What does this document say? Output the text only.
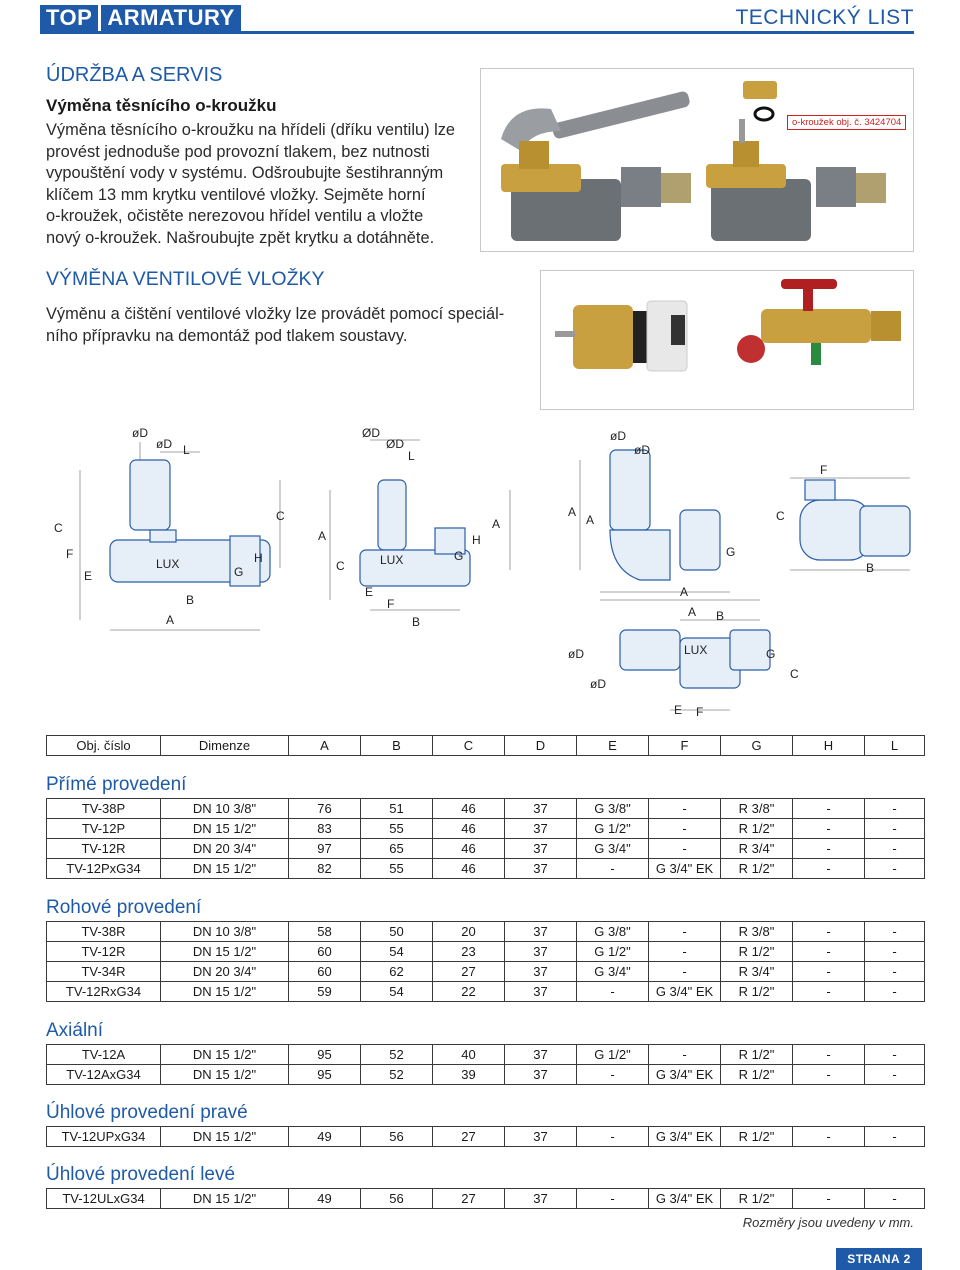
TOP ARMATURY	TECHNICKÝ LIST
ÚDRŽBA A SERVIS
Výměna těsnícího o-kroužku
Výměna těsnícího o-kroužku na hřídeli (dříku ventilu) lze
provést jednoduše pod provozní tlakem, bez nutnosti
vypouštění vody v systému. Odšroubujte šestihranným
klíčem 13 mm krytku ventilové vložky. Sejměte horní
o-kroužek, očistěte nerezovou hřídel ventilu a vložte
nový o-kroužek. Našroubujte zpět krytku a dotáhněte.
o-kroužek obj. č. 3424704
VÝMĚNA VENTILOVÉ VLOŽKY
Výměnu a čištění ventilové vložky lze provádět pomocí speciál-
ního přípravku na demontáž pod tlakem soustavy.
øD
øD L
C
F
E
B
A
G
H
C
LUX
ØD
ØD
L
A
C
E
F
B
G
H
A
LUX
øD
øD
A
A
G
F
C
B
A
A B
øD
øD
G
C
E F
LUX
Obj. číslo	Dimenze	A	B	C	D	E	F	G	H	L
Přímé provedení
TV-38P	DN 10 3/8"	76	51	46	37	G 3/8"	-	R 3/8"	-	-
TV-12P	DN 15 1/2"	83	55	46	37	G 1/2"	-	R 1/2"	-	-
TV-12R	DN 20 3/4"	97	65	46	37	G 3/4"	-	R 3/4"	-	-
TV-12PxG34	DN 15 1/2"	82	55	46	37	-	G 3/4" EK	R 1/2"	-	-
Rohové provedení
TV-38R	DN 10 3/8"	58	50	20	37	G 3/8"	-	R 3/8"	-	-
TV-12R	DN 15 1/2"	60	54	23	37	G 1/2"	-	R 1/2"	-	-
TV-34R	DN 20 3/4"	60	62	27	37	G 3/4"	-	R 3/4"	-	-
TV-12RxG34	DN 15 1/2"	59	54	22	37	-	G 3/4" EK	R 1/2"	-	-
Axiální
TV-12A	DN 15 1/2"	95	52	40	37	G 1/2"	-	R 1/2"	-	-
TV-12AxG34	DN 15 1/2"	95	52	39	37	-	G 3/4" EK	R 1/2"	-	-
Úhlové provedení pravé
TV-12UPxG34	DN 15 1/2"	49	56	27	37	-	G 3/4" EK	R 1/2"	-	-
Úhlové provedení levé
TV-12ULxG34	DN 15 1/2"	49	56	27	37	-	G 3/4" EK	R 1/2"	-	-
Rozměry jsou uvedeny v mm.
STRANA 2
